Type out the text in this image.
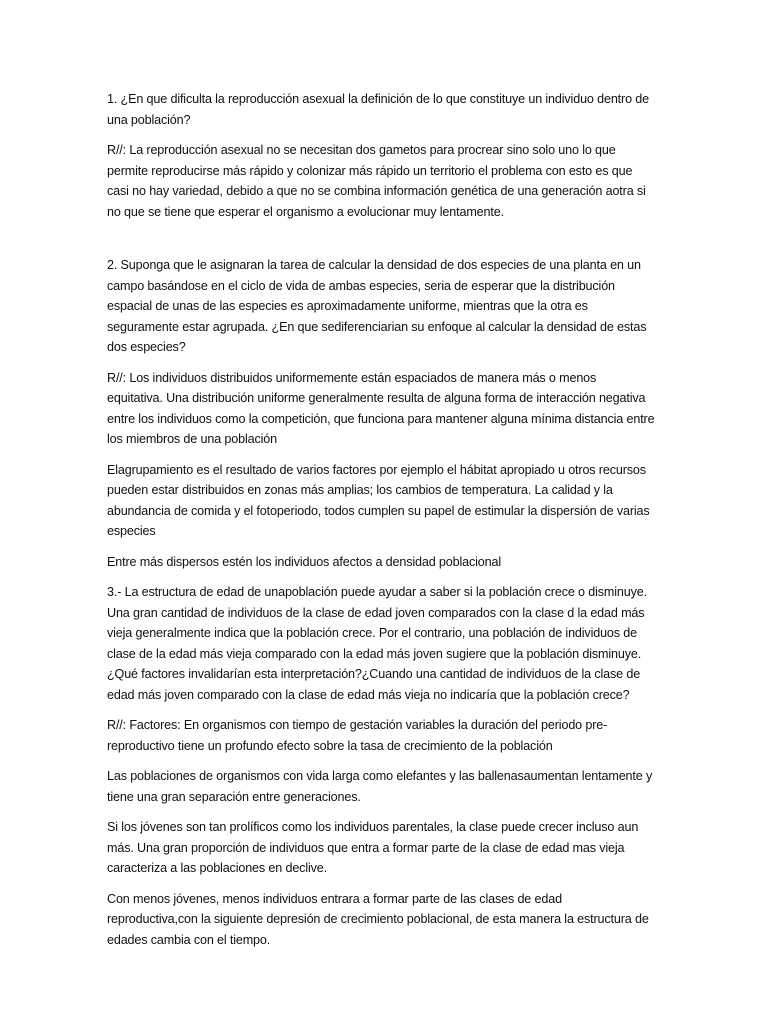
1. ¿En que dificulta la reproducción asexual la definición de lo que constituye un individuo dentro de una población?

R//: La reproducción asexual no se necesitan dos gametos para procrear sino solo uno lo que permite reproducirse más rápido y colonizar más rápido un territorio el problema con esto es que casi no hay variedad, debido a que no se combina información genética de una generación aotra si no que se tiene que esperar el organismo a evolucionar muy lentamente.

2. Suponga que le asignaran la tarea de calcular la densidad de dos especies de una planta en un campo basándose en el ciclo de vida de ambas especies, seria de esperar que la distribución espacial de unas de las especies es aproximadamente uniforme, mientras que la otra es seguramente estar agrupada. ¿En que sediferenciarian su enfoque al calcular la densidad de estas dos especies?

R//: Los individuos distribuidos uniformemente están espaciados de manera más o menos equitativa. Una distribución uniforme generalmente resulta de alguna forma de interacción negativa entre los individuos como la competición, que funciona para mantener alguna mínima distancia entre los miembros de una población

Elagrupamiento es el resultado de varios factores por ejemplo el hábitat apropiado u otros recursos pueden estar distribuidos en zonas más amplias; los cambios de temperatura. La calidad y la abundancia de comida y el fotoperiodo, todos cumplen su papel de estimular la dispersión de varias especies

Entre más dispersos estén los individuos afectos a densidad poblacional

3.- La estructura de edad de unapoblación puede ayudar a saber si la población crece o disminuye. Una gran cantidad de individuos de la clase de edad joven comparados con la clase d la edad más vieja generalmente indica que la población crece. Por el contrario, una población de individuos de clase de la edad más vieja comparado con la edad más joven sugiere que la población disminuye. ¿Qué factores invalidarían esta interpretación?¿Cuando una cantidad de individuos de la clase de edad más joven comparado con la clase de edad más vieja no indicaría que la población crece?

R//: Factores: En organismos con tiempo de gestación variables la duración del periodo pre-reproductivo tiene un profundo efecto sobre la tasa de crecimiento de la población

Las poblaciones de organismos con vida larga como elefantes y las ballenasaumentan lentamente y tiene una gran separación entre generaciones.

Si los jóvenes son tan prolíficos como los individuos parentales, la clase puede crecer incluso aun más. Una gran proporción de individuos que entra a formar parte de la clase de edad mas vieja caracteriza a las poblaciones en declive.

Con menos jóvenes, menos individuos entrara a formar parte de las clases de edad reproductiva,con la siguiente depresión de crecimiento poblacional, de esta manera la estructura de edades cambia con el tiempo.
